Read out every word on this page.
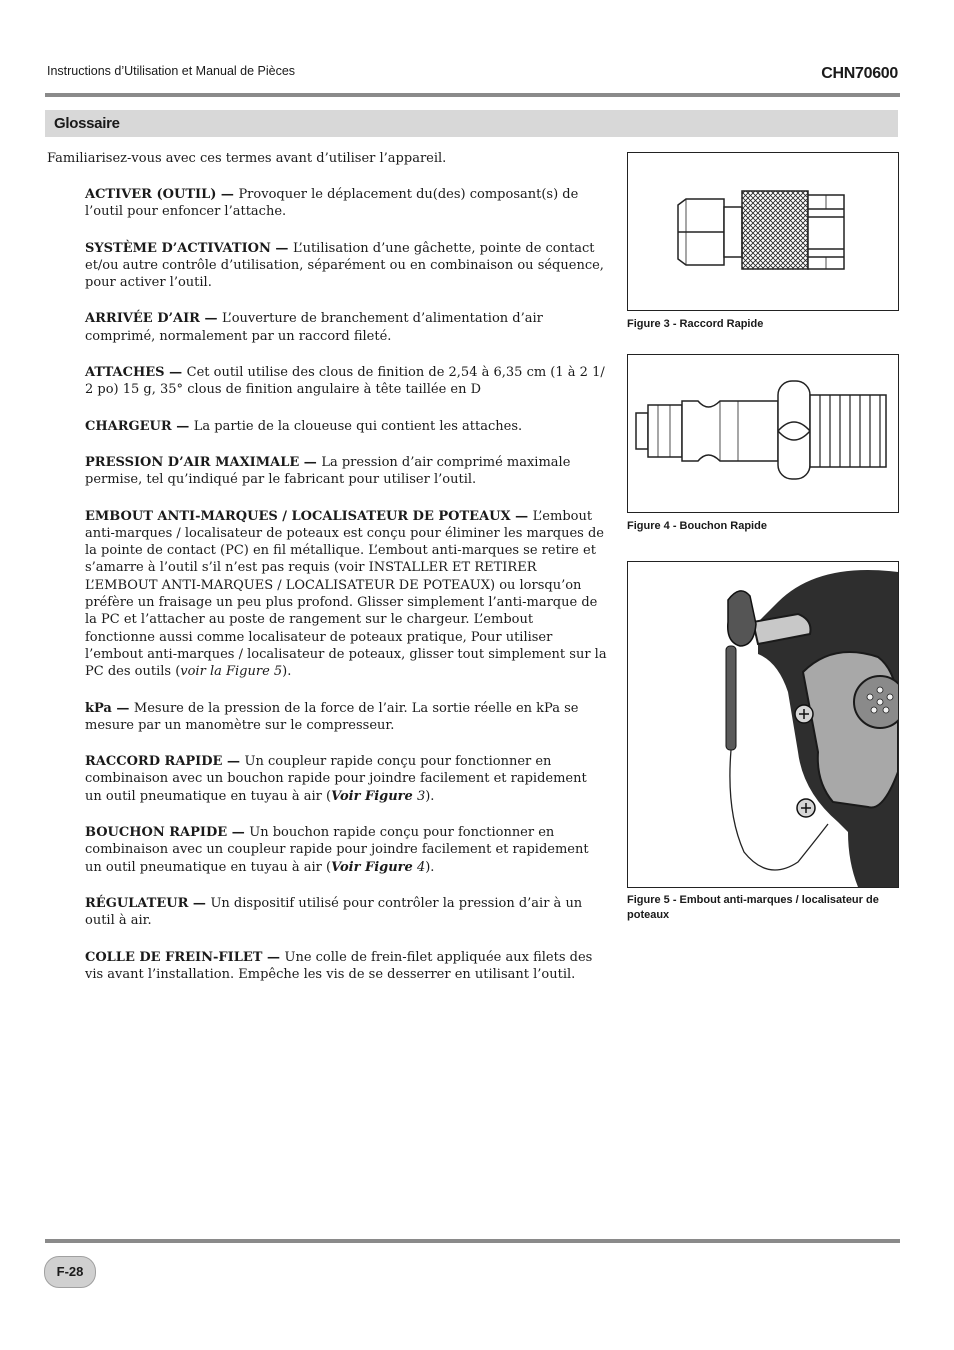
Instructions d’Utilisation et Manual de Pièces	CHN70600
Glossaire
Familiarisez-vous avec ces termes avant d’utiliser l’appareil.

ACTIVER (OUTIL) — Provoquer le déplacement du(des) composant(s) de l’outil pour enfoncer l’attache.

SYSTÈME D’ACTIVATION — L’utilisation d’une gâchette, pointe de contact et/ou autre contrôle d’utilisation, séparément ou en combinaison ou séquence, pour activer l’outil.

ARRIVÉE D’AIR — L’ouverture de branchement d’alimentation d’air comprimé, normalement par un raccord fileté.

ATTACHES — Cet outil utilise des clous de finition de 2,54 à 6,35 cm (1 à 2 1/ 2 po) 15 g, 35° clous de finition angulaire à tête taillée en D

CHARGEUR — La partie de la cloueuse qui contient les attaches.

PRESSION D’AIR MAXIMALE — La pression d’air comprimé maximale permise, tel qu’indiqué par le fabricant pour utiliser l’outil.

EMBOUT ANTI-MARQUES / LOCALISATEUR DE POTEAUX — L’embout anti-marques / localisateur de poteaux est conçu pour éliminer les marques de la pointe de contact (PC) en fil métallique. L’embout anti-marques se retire et s’amarre à l’outil s’il n’est pas requis (voir INSTALLER ET RETIRER L’EMBOUT ANTI-MARQUES / LOCALISATEUR DE POTEAUX) ou lorsqu’on préfère un fraisage un peu plus profond. Glisser simplement l’anti-marque de la PC et l’attacher au poste de rangement sur le chargeur. L’embout fonctionne aussi comme localisateur de poteaux pratique, Pour utiliser l’embout anti-marques / localisateur de poteaux, glisser tout simplement sur la PC des outils (voir la Figure 5).

kPa — Mesure de la pression de la force de l’air. La sortie réelle en kPa se mesure par un manomètre sur le compresseur.

RACCORD RAPIDE — Un coupleur rapide conçu pour fonctionner en combinaison avec un bouchon rapide pour joindre facilement et rapidement un outil pneumatique en tuyau à air (Voir Figure 3).

BOUCHON RAPIDE — Un bouchon rapide conçu pour fonctionner en combinaison avec un coupleur rapide pour joindre facilement et rapidement un outil pneumatique en tuyau à air (Voir Figure 4).

RÉGULATEUR — Un dispositif utilisé pour contrôler la pression d’air à un outil à air.

COLLE DE FREIN-FILET — Une colle de frein-filet appliquée aux filets des vis avant l’installation. Empêche les vis de se desserrer en utilisant l’outil.

Figure 3 - Raccord Rapide
Figure 4 - Bouchon Rapide
Figure 5 - Embout anti-marques / localisateur de poteaux
F-28
